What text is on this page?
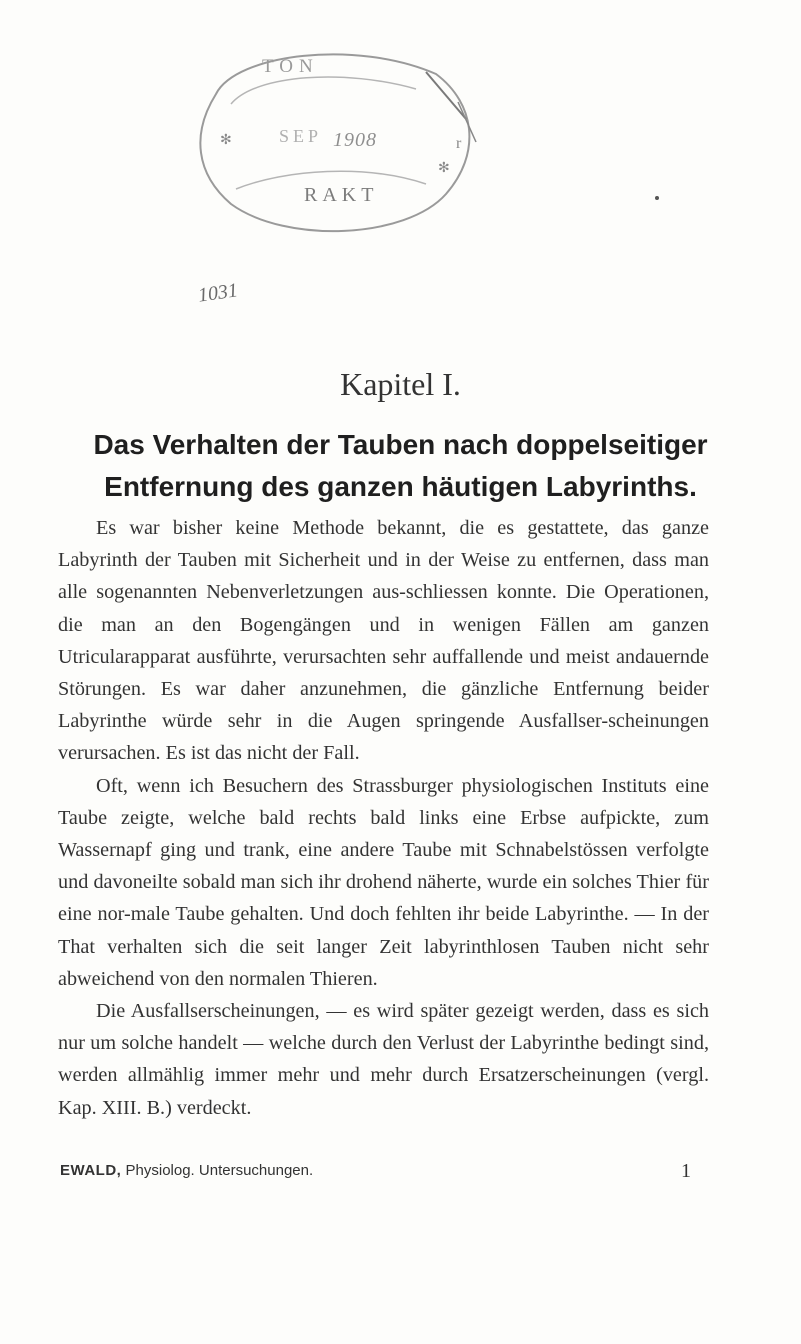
✻
✻
r
TON
SEP 1908
RAKT
1031
Kapitel I.
Das Verhalten der Tauben nach doppelseitiger
Entfernung des ganzen häutigen Labyrinths.

Es war bisher keine Methode bekannt, die es gestattete, das ganze Labyrinth der Tauben mit Sicherheit und in der Weise zu entfernen, dass man alle sogenannten Nebenverletzungen aus-schliessen konnte. Die Operationen, die man an den Bogengängen und in wenigen Fällen am ganzen Utricularapparat ausführte, verursachten sehr auffallende und meist andauernde Störungen. Es war daher anzunehmen, die gänzliche Entfernung beider Labyrinthe würde sehr in die Augen springende Ausfallser-scheinungen verursachen. Es ist das nicht der Fall.

Oft, wenn ich Besuchern des Strassburger physiologischen Instituts eine Taube zeigte, welche bald rechts bald links eine Erbse aufpickte, zum Wassernapf ging und trank, eine andere Taube mit Schnabelstössen verfolgte und davoneilte sobald man sich ihr drohend näherte, wurde ein solches Thier für eine nor-male Taube gehalten. Und doch fehlten ihr beide Labyrinthe. — In der That verhalten sich die seit langer Zeit labyrinthlosen Tauben nicht sehr abweichend von den normalen Thieren.

Die Ausfallserscheinungen, — es wird später gezeigt werden, dass es sich nur um solche handelt — welche durch den Verlust der Labyrinthe bedingt sind, werden allmählig immer mehr und mehr durch Ersatzerscheinungen (vergl. Kap. XIII. B.) verdeckt.

EWALD, Physiolog. Untersuchungen.	1
